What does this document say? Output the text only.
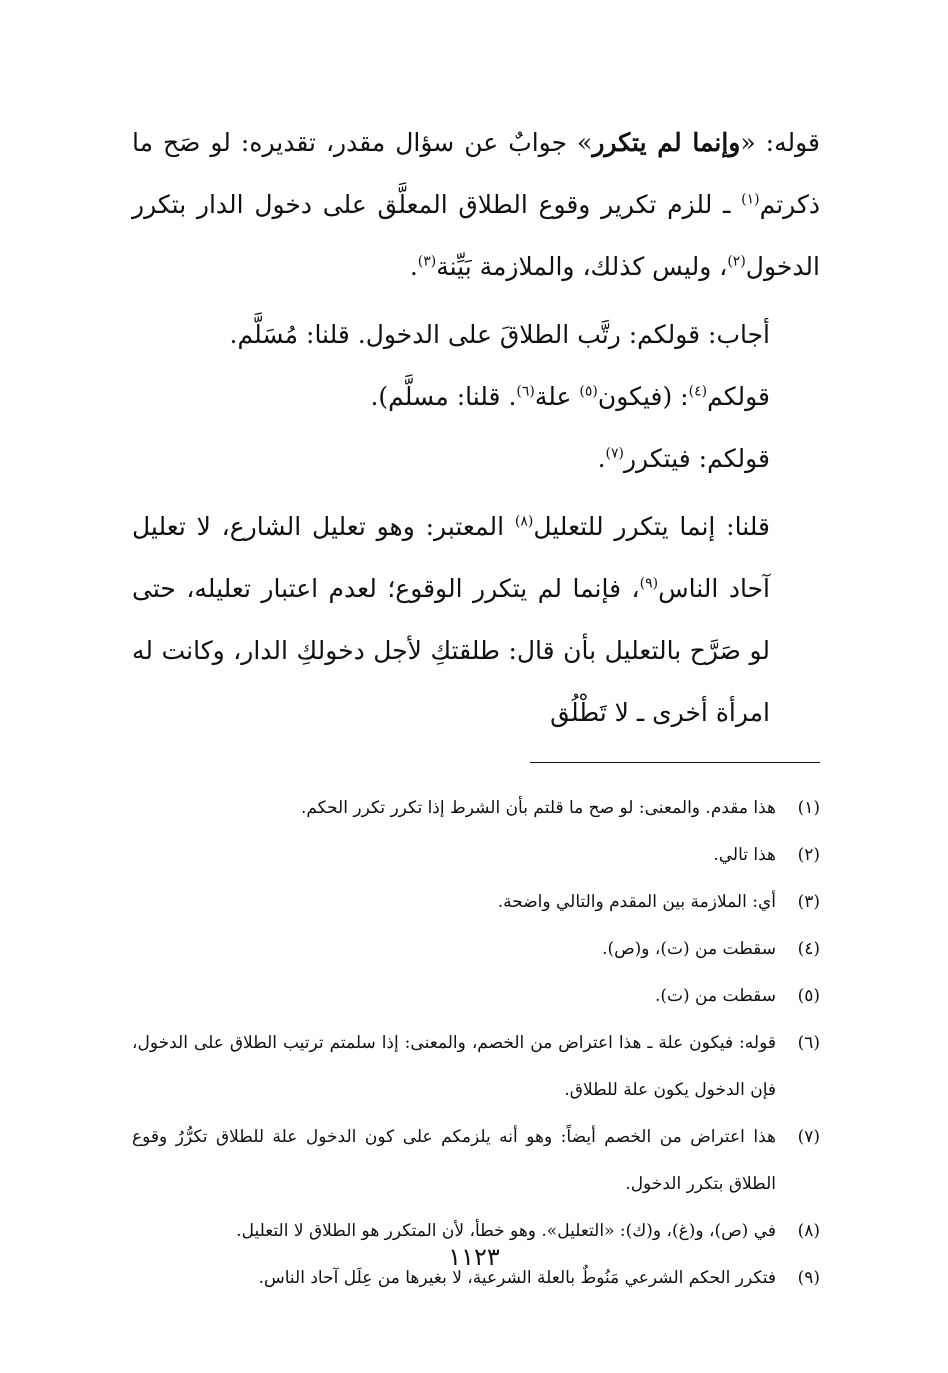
قوله: «وإنما لم يتكرر» جوابٌ عن سؤال مقدر، تقديره: لو صَح ما ذكرتم$^{(١)}$ ـ للزم تكرير وقوع الطلاق المعلَّق على دخول الدار بتكرر الدخول$^{(٢)}$، وليس كذلك، والملازمة بَيِّنة$^{(٣)}$.

أجاب: قولكم: رتَّب الطلاقَ على الدخول. قلنا: مُسَلَّم.

قولكم$^{(٤)}$: (فيكون$^{(٥)}$ علة$^{(٦)}$. قلنا: مسلَّم).

قولكم: فيتكرر$^{(٧)}$.

قلنا: إنما يتكرر للتعليل$^{(٨)}$ المعتبر: وهو تعليل الشارع، لا تعليل آحاد الناس$^{(٩)}$، فإنما لم يتكرر الوقوع؛ لعدم اعتبار تعليله، حتى لو صَرَّح بالتعليل بأن قال: طلقتكِ لأجل دخولكِ الدار، وكانت له امرأة أخرى ـ لا تَطْلُق

(١)
هذا مقدم. والمعنى: لو صح ما قلتم بأن الشرط إذا تكرر تكرر الحكم.
(٢)
هذا تالي.
(٣)
أي: الملازمة بين المقدم والتالي واضحة.
(٤)
سقطت من (ت)، و(ص).
(٥)
سقطت من (ت).
(٦)
قوله: فيكون علة ـ هذا اعتراض من الخصم، والمعنى: إذا سلمتم ترتيب الطلاق على الدخول، فإن الدخول يكون علة للطلاق.
(٧)
هذا اعتراض من الخصم أيضاً: وهو أنه يلزمكم على كون الدخول علة للطلاق تكرُّرُ وقوع الطلاق بتكرر الدخول.
(٨)
في (ص)، و(غ)، و(ك): «التعليل». وهو خطأ، لأن المتكرر هو الطلاق لا التعليل.
(٩)
فتكرر الحكم الشرعي مَنُوطٌ بالعلة الشرعية، لا بغيرها من عِلَل آحاد الناس.
١١٢٣
